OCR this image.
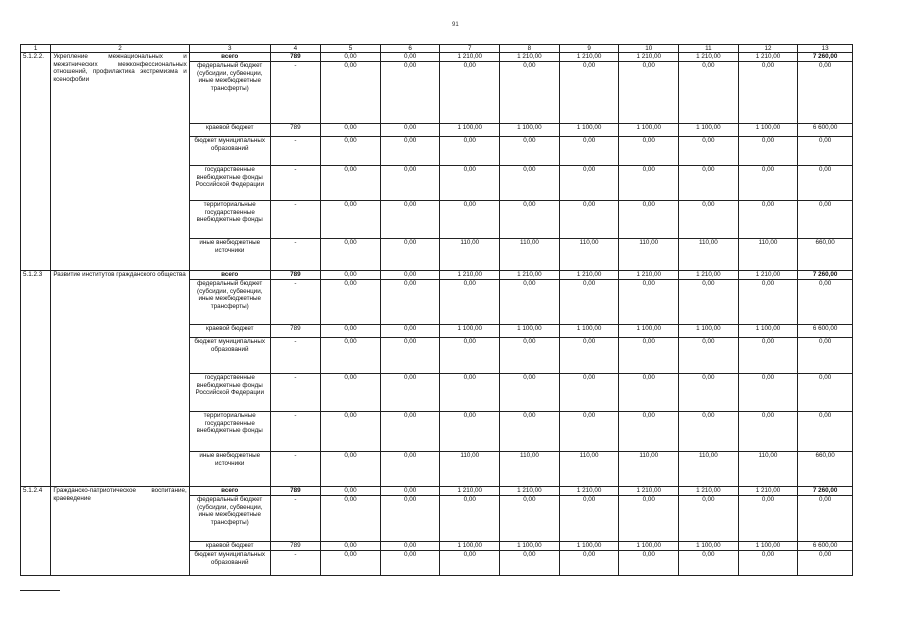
91
1	2	3	4	5	6	7	8	9	10	11	12	13
5.1.2.2.	Укрепление межнациональных и межэтнических межконфессиональных отношений, профилактика экстремизма и ксенофобии	всего	789	0,00	0,00	1 210,00	1 210,00	1 210,00	1 210,00	1 210,00	1 210,00	7 260,00
		федеральный бюджет (субсидии, субвенции, иные межбюджетные трансферты)	-	0,00	0,00	0,00	0,00	0,00	0,00	0,00	0,00	0,00
		краевой бюджет	789	0,00	0,00	1 100,00	1 100,00	1 100,00	1 100,00	1 100,00	1 100,00	6 600,00
		бюджет муниципальных образований	-	0,00	0,00	0,00	0,00	0,00	0,00	0,00	0,00	0,00
		государственные внебюджетные фонды Российской Федерации	-	0,00	0,00	0,00	0,00	0,00	0,00	0,00	0,00	0,00
		территориальные государственные внебюджетные фонды	-	0,00	0,00	0,00	0,00	0,00	0,00	0,00	0,00	0,00
		иные внебюджетные источники	-	0,00	0,00	110,00	110,00	110,00	110,00	110,00	110,00	660,00
5.1.2.3	Развитие институтов гражданского общества	всего	789	0,00	0,00	1 210,00	1 210,00	1 210,00	1 210,00	1 210,00	1 210,00	7 260,00
		федеральный бюджет (субсидии, субвенции, иные межбюджетные трансферты)	-	0,00	0,00	0,00	0,00	0,00	0,00	0,00	0,00	0,00
		краевой бюджет	789	0,00	0,00	1 100,00	1 100,00	1 100,00	1 100,00	1 100,00	1 100,00	6 600,00
		бюджет муниципальных образований	-	0,00	0,00	0,00	0,00	0,00	0,00	0,00	0,00	0,00
		государственные внебюджетные фонды Российской Федерации	-	0,00	0,00	0,00	0,00	0,00	0,00	0,00	0,00	0,00
		территориальные государственные внебюджетные фонды	-	0,00	0,00	0,00	0,00	0,00	0,00	0,00	0,00	0,00
		иные внебюджетные источники	-	0,00	0,00	110,00	110,00	110,00	110,00	110,00	110,00	660,00
5.1.2.4	Гражданско-патриотическое воспитание, краеведение	всего	789	0,00	0,00	1 210,00	1 210,00	1 210,00	1 210,00	1 210,00	1 210,00	7 260,00
		федеральный бюджет (субсидии, субвенции, иные межбюджетные трансферты)	-	0,00	0,00	0,00	0,00	0,00	0,00	0,00	0,00	0,00
		краевой бюджет	789	0,00	0,00	1 100,00	1 100,00	1 100,00	1 100,00	1 100,00	1 100,00	6 600,00
		бюджет муниципальных образований	-	0,00	0,00	0,00	0,00	0,00	0,00	0,00	0,00	0,00
